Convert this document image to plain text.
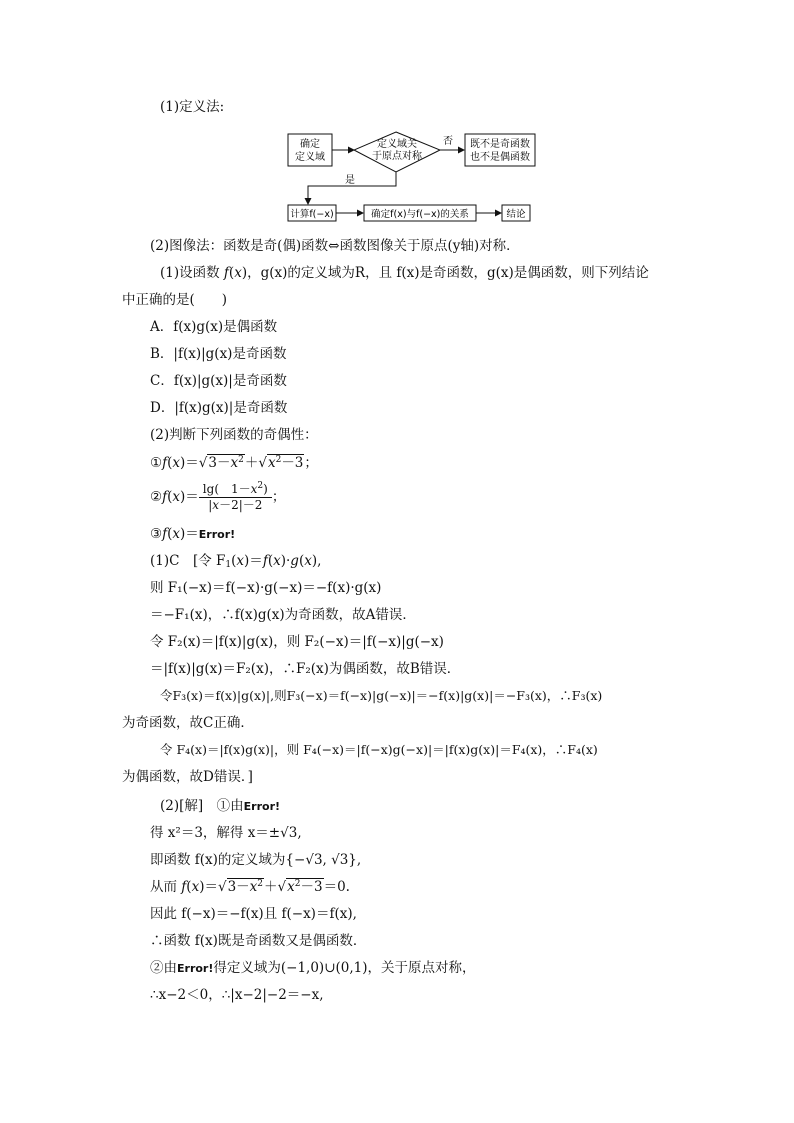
(1)定义法:
确定
定义域
定义域关
于原点对称
否 既不是奇函数
也不是偶函数
是
计算f(−x)	确定f(x)与f(−x)的关系	结论
(2)图像法：函数是奇(偶)函数⇔函数图像关于原点(y轴)对称．
(1)设函数 f(x)，g(x)的定义域为R，且 f(x)是奇函数，g(x)是偶函数，则下列结论
中正确的是(　　)
A．f(x)g(x)是偶函数
B．|f(x)|g(x)是奇函数
C．f(x)|g(x)|是奇函数
D．|f(x)g(x)|是奇函数
(2)判断下列函数的奇偶性：
$①f(x)=√3-x^2+√x^2-3$；
②f(x)＝ $\frac{\lg( 1-x^2)}{|x-2|-2}$ ；
③f(x)＝Error!
(1)C　[令 $F_1(x)=f(x)\cdot g(x)$,
则 F₁(−x)＝f(−x)·g(−x)＝−f(x)·g(x)
＝−F₁(x)，∴f(x)g(x)为奇函数，故A错误．
令 F₂(x)＝|f(x)|g(x)，则 F₂(−x)＝|f(−x)|g(−x)
＝|f(x)|g(x)＝F₂(x)，∴F₂(x)为偶函数，故B错误．
令F₃(x)＝f(x)|g(x)|,则F₃(−x)＝f(−x)|g(−x)|＝−f(x)|g(x)|＝−F₃(x)，∴F₃(x)
为奇函数，故C正确．
令 F₄(x)＝|f(x)g(x)|，则 F₄(−x)＝|f(−x)g(−x)|＝|f(x)g(x)|＝F₄(x)，∴F₄(x)
为偶函数，故D错误．]
(2)[解]　①由Error!
得 x²＝3，解得 x＝±√3,
即函数 f(x)的定义域为{−√3, √3},
从而 $f(x)=√3-x^2+√x^2-3=0$.
因此 f(−x)＝−f(x)且 f(−x)＝f(x),
∴函数 f(x)既是奇函数又是偶函数．
②由Error!得定义域为(−1,0)∪(0,1)，关于原点对称，
∴x−2＜0，∴|x−2|−2＝−x,
